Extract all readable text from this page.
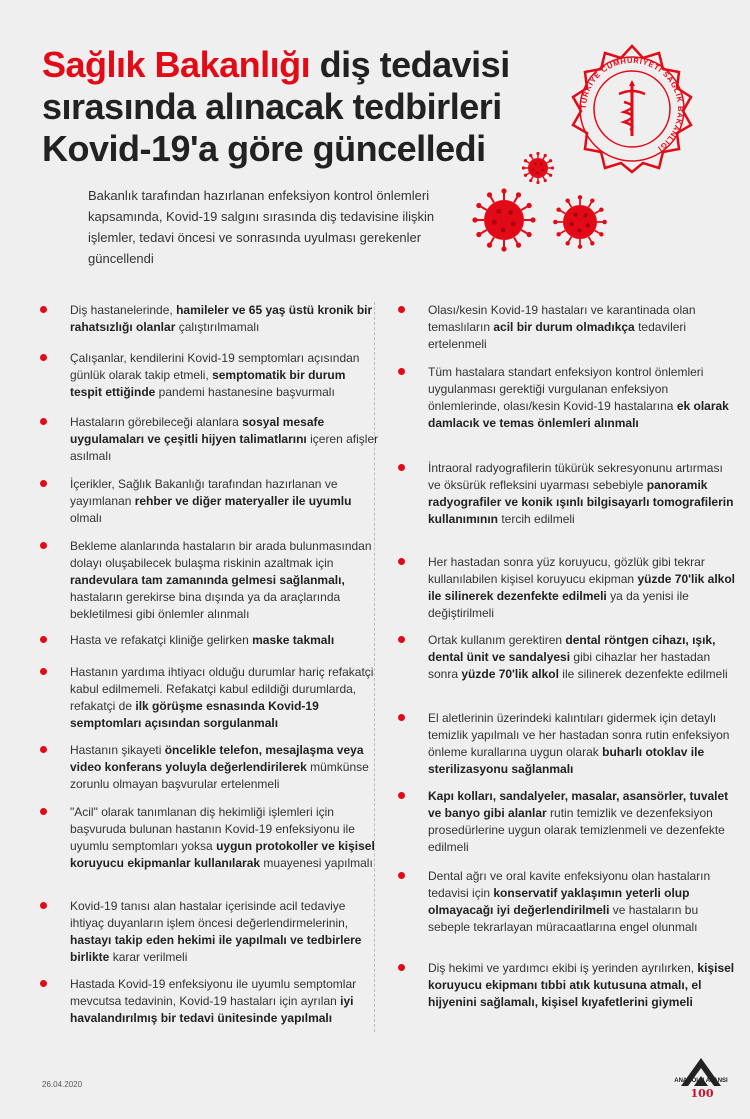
Sağlık Bakanlığı diş tedavisi
sırasında alınacak tedbirleri
Kovid-19'a göre güncelledi
TÜRKİYE CUMHURİYETİ SAĞLIK BAKANLIĞI
Bakanlık tarafından hazırlanan enfeksiyon kontrol önlemleri kapsamında, Kovid-19 salgını sırasında diş tedavisine ilişkin işlemler, tedavi öncesi ve sonrasında uyulması gerekenler güncellendi
Diş hastanelerinde, hamileler ve 65 yaş üstü kronik bir rahatsızlığı olanlar çalıştırılmamalı
Çalışanlar, kendilerini Kovid-19 semptomları açısından günlük olarak takip etmeli, semptomatik bir durum tespit ettiğinde pandemi hastanesine başvurmalı
Hastaların görebileceği alanlara sosyal mesafe uygulamaları ve çeşitli hijyen talimatlarını içeren afişler asılmalı
İçerikler, Sağlık Bakanlığı tarafından hazırlanan ve yayımlanan rehber ve diğer materyaller ile uyumlu olmalı
Bekleme alanlarında hastaların bir arada bulunmasından dolayı oluşabilecek bulaşma riskinin azaltmak için randevulara tam zamanında gelmesi sağlanmalı, hastaların gerekirse bina dışında ya da araçlarında bekletilmesi gibi önlemler alınmalı
Hasta ve refakatçi kliniğe gelirken maske takmalı
Hastanın yardıma ihtiyacı olduğu durumlar hariç refakatçi kabul edilmemeli. Refakatçi kabul edildiği durumlarda, refakatçi de ilk görüşme esnasında Kovid-19 semptomları açısından sorgulanmalı
Hastanın şikayeti öncelikle telefon, mesajlaşma veya video konferans yoluyla değerlendirilerek mümkünse zorunlu olmayan başvurular ertelenmeli
"Acil" olarak tanımlanan diş hekimliği işlemleri için başvuruda bulunan hastanın Kovid-19 enfeksiyonu ile uyumlu semptomları yoksa uygun protokoller ve kişisel koruyucu ekipmanlar kullanılarak muayenesi yapılmalı
Kovid-19 tanısı alan hastalar içerisinde acil tedaviye ihtiyaç duyanların işlem öncesi değerlendirmelerinin, hastayı takip eden hekimi ile yapılmalı ve tedbirlere birlikte karar verilmeli
Hastada Kovid-19 enfeksiyonu ile uyumlu semptomlar mevcutsa tedavinin, Kovid-19 hastaları için ayrılan iyi havalandırılmış bir tedavi ünitesinde yapılmalı
Olası/kesin Kovid-19 hastaları ve karantinada olan temaslıların acil bir durum olmadıkça tedavileri ertelenmeli
Tüm hastalara standart enfeksiyon kontrol önlemleri uygulanması gerektiği vurgulanan enfeksiyon önlemlerinde, olası/kesin Kovid-19 hastalarına ek olarak damlacık ve temas önlemleri alınmalı
İntraoral radyografilerin tükürük sekresyonunu artırması ve öksürük refleksini uyarması sebebiyle panoramik radyografiler ve konik ışınlı bilgisayarlı tomografilerin kullanımının tercih edilmeli
Her hastadan sonra yüz koruyucu, gözlük gibi tekrar kullanılabilen kişisel koruyucu ekipman yüzde 70'lik alkol ile silinerek dezenfekte edilmeli ya da yenisi ile değiştirilmeli
Ortak kullanım gerektiren dental röntgen cihazı, ışık, dental ünit ve sandalyesi gibi cihazlar her hastadan sonra yüzde 70'lik alkol ile silinerek dezenfekte edilmeli
El aletlerinin üzerindeki kalıntıları gidermek için detaylı temizlik yapılmalı ve her hastadan sonra rutin enfeksiyon önleme kurallarına uygun olarak buharlı otoklav ile sterilizasyonu sağlanmalı
Kapı kolları, sandalyeler, masalar, asansörler, tuvalet ve banyo gibi alanlar rutin temizlik ve dezenfeksiyon prosedürlerine uygun olarak temizlenmeli ve dezenfekte edilmeli
Dental ağrı ve oral kavite enfeksiyonu olan hastaların tedavisi için konservatif yaklaşımın yeterli olup olmayacağı iyi değerlendirilmeli ve hastaların bu sebeple tekrarlayan müracaatlarına engel olunmalı
Diş hekimi ve yardımcı ekibi iş yerinden ayrılırken, kişisel koruyucu ekipmanı tıbbi atık kutusuna atmalı, el hijyenini sağlamalı, kişisel kıyafetlerini giymeli
26.04.2020	ANADOLU AJANSI
100
